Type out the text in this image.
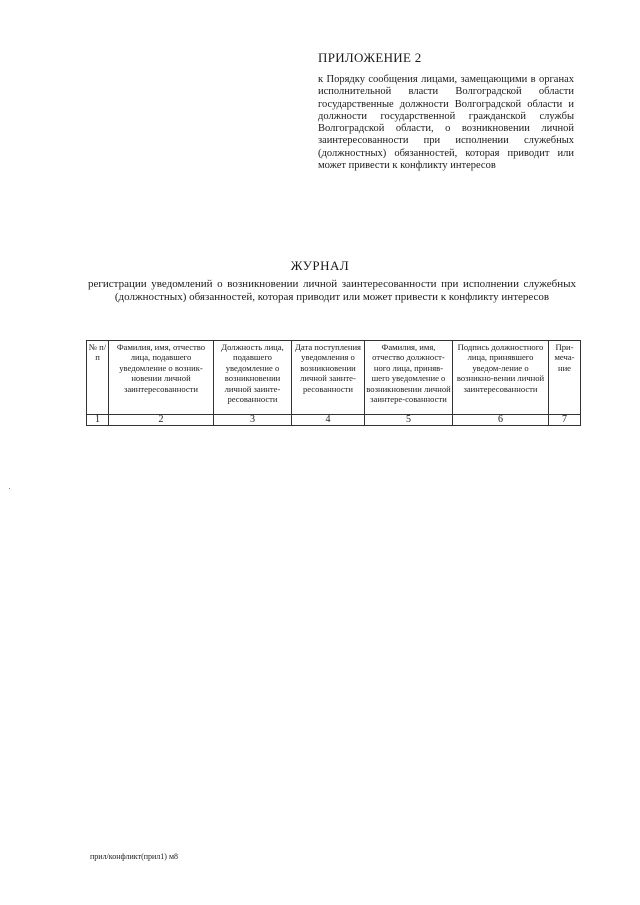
ПРИЛОЖЕНИЕ 2
к Порядку сообщения лицами, замещающими в органах исполнительной власти Волгоградской области государственные должности Волгоградской области и должности государственной гражданской службы Волгоградской области, о возникновении личной заинтересованности при исполнении служебных (должностных) обязанностей, которая приводит или может привести к конфликту интересов
ЖУРНАЛ
регистрации уведомлений о возникновении личной заинтересованности при исполнении служебных (должностных) обязанностей, которая приводит или может привести к конфликту интересов
№ п/п	Фамилия, имя, отчество лица, подавшего уведомление о возник-новении личной заинтересованности	Должность лица, подавшего уведомление о возникновении личной заинте-ресованности	Дата поступления уведомления о возникновении личной заинте-ресованности	Фамилия, имя, отчество должност-ного лица, приняв-шего уведомление о возникновении личной заинтере-сованности	Подпись должностного лица, принявшего уведом-ление о возникно-вении личной заинтересованности	При-меча-ние
1	2	3	4	5	6	7
прил/конфликт(прил1) м8
